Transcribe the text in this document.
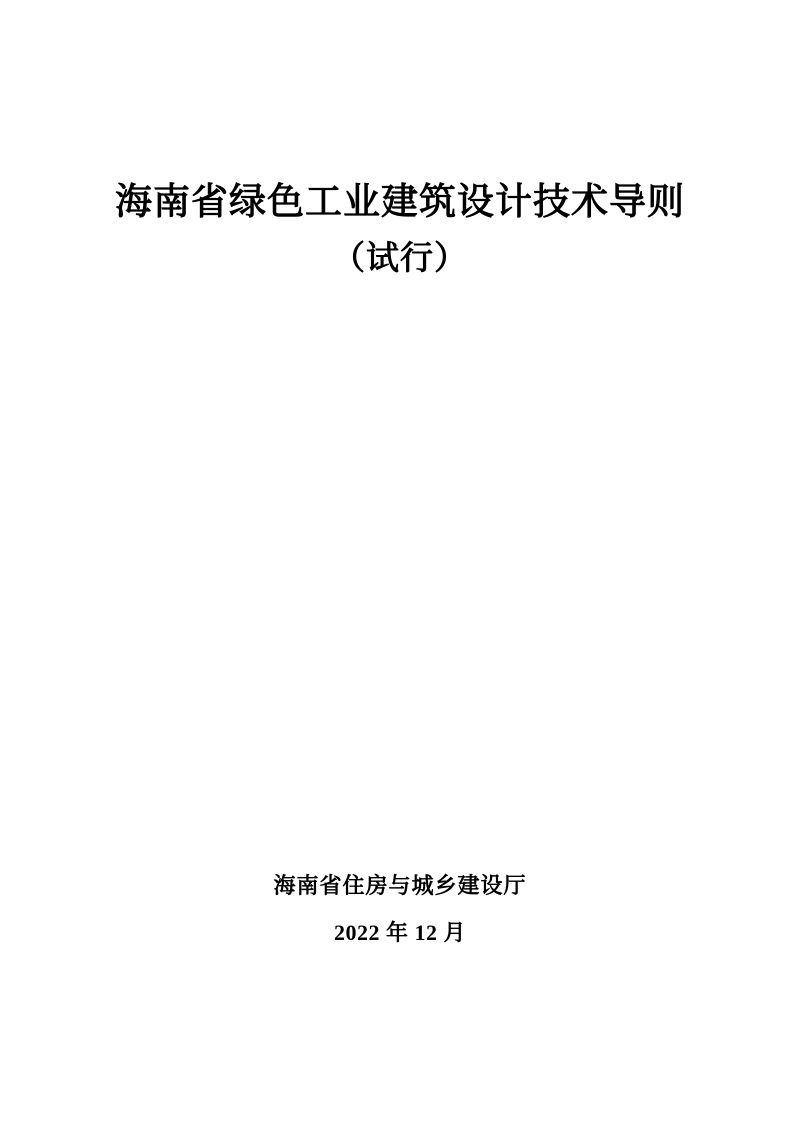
海南省绿色工业建筑设计技术导则

（试行）

海南省住房与城乡建设厅

2022 年 12 月
